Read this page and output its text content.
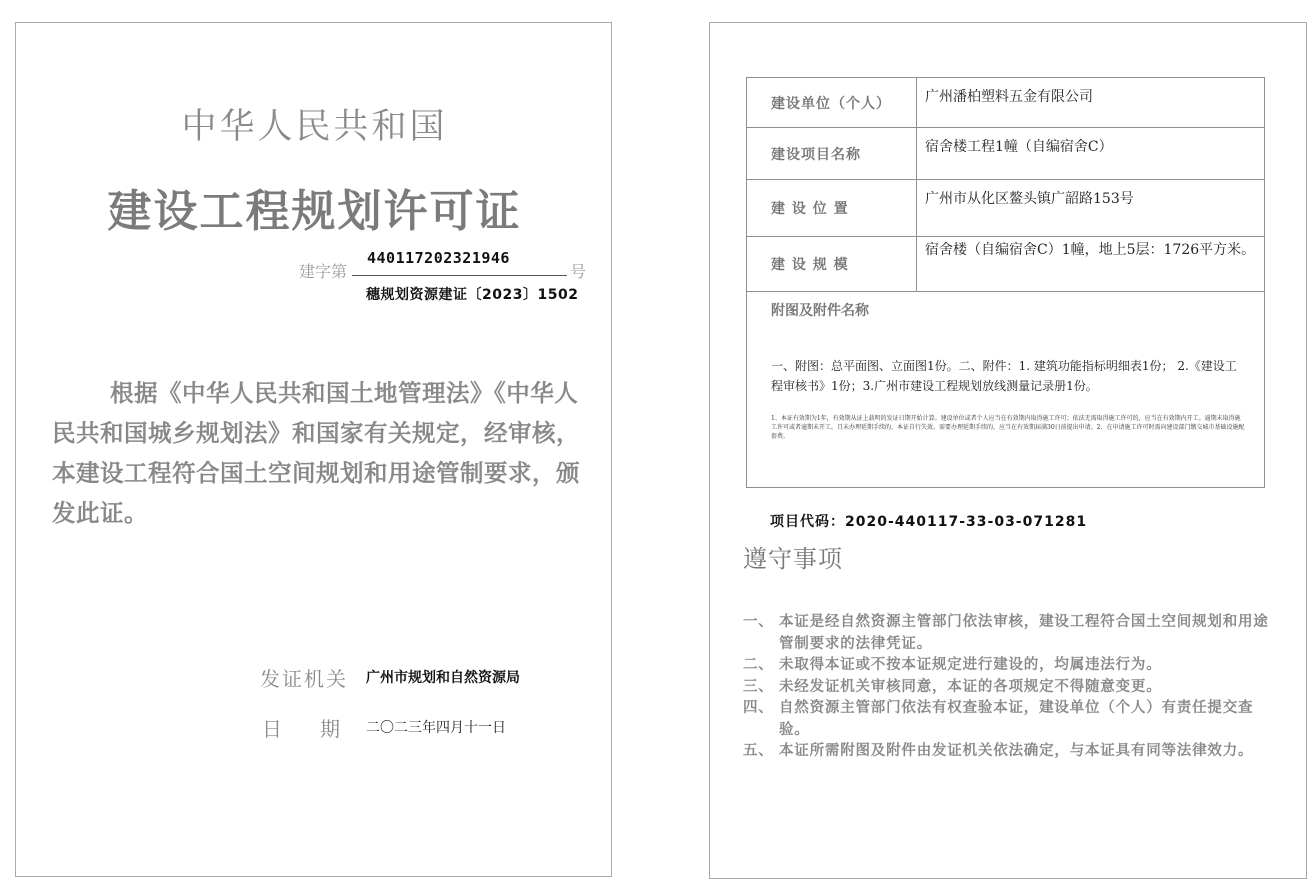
中华人民共和国
建设工程规划许可证
建字第
440117202321946
号
穗规划资源建证〔2023〕1502
根据《中华人民共和国土地管理法》《中华人民共和国城乡规划法》和国家有关规定，经审核，本建设工程符合国土空间规划和用途管制要求，颁发此证。
发证机关 广州市规划和自然资源局
日 期 二〇二三年四月十一日
建设单位（个人）	广州潘柏塑料五金有限公司
建设项目名称	宿舍楼工程1幢（自编宿舍C）
建 设 位 置	广州市从化区鳌头镇广韶路153号
建 设 规 模	宿舍楼（自编宿舍C）1幢，地上5层：1726平方米。

附图及附件名称
一、附图：总平面图、立面图1份。二、附件：1. 建筑功能指标明细表1份； 2.《建设工程审核书》1份；3.广州市建设工程规划放线测量记录册1份。
1、本证有效期为1年，有效期从证上载明的发证日期开始计算。建设单位或者个人应当在有效期内取得施工许可；依法无需取得施工许可的，应当在有效期内开工。逾期未取得施工许可或者逾期未开工，且未办理延期手续的，本证自行失效。需要办理延期手续的，应当在有效期届满30日前提出申请。2、在申请施工许可时需向建设部门缴交城市基础设施配套费。	
项目代码：2020-440117-33-03-071281
遵守事项
一、 本证是经自然资源主管部门依法审核，建设工程符合国土空间规划和用途管制要求的法律凭证。
二、 未取得本证或不按本证规定进行建设的，均属违法行为。
三、 未经发证机关审核同意，本证的各项规定不得随意变更。
四、 自然资源主管部门依法有权查验本证，建设单位（个人）有责任提交查验。
五、 本证所需附图及附件由发证机关依法确定，与本证具有同等法律效力。
